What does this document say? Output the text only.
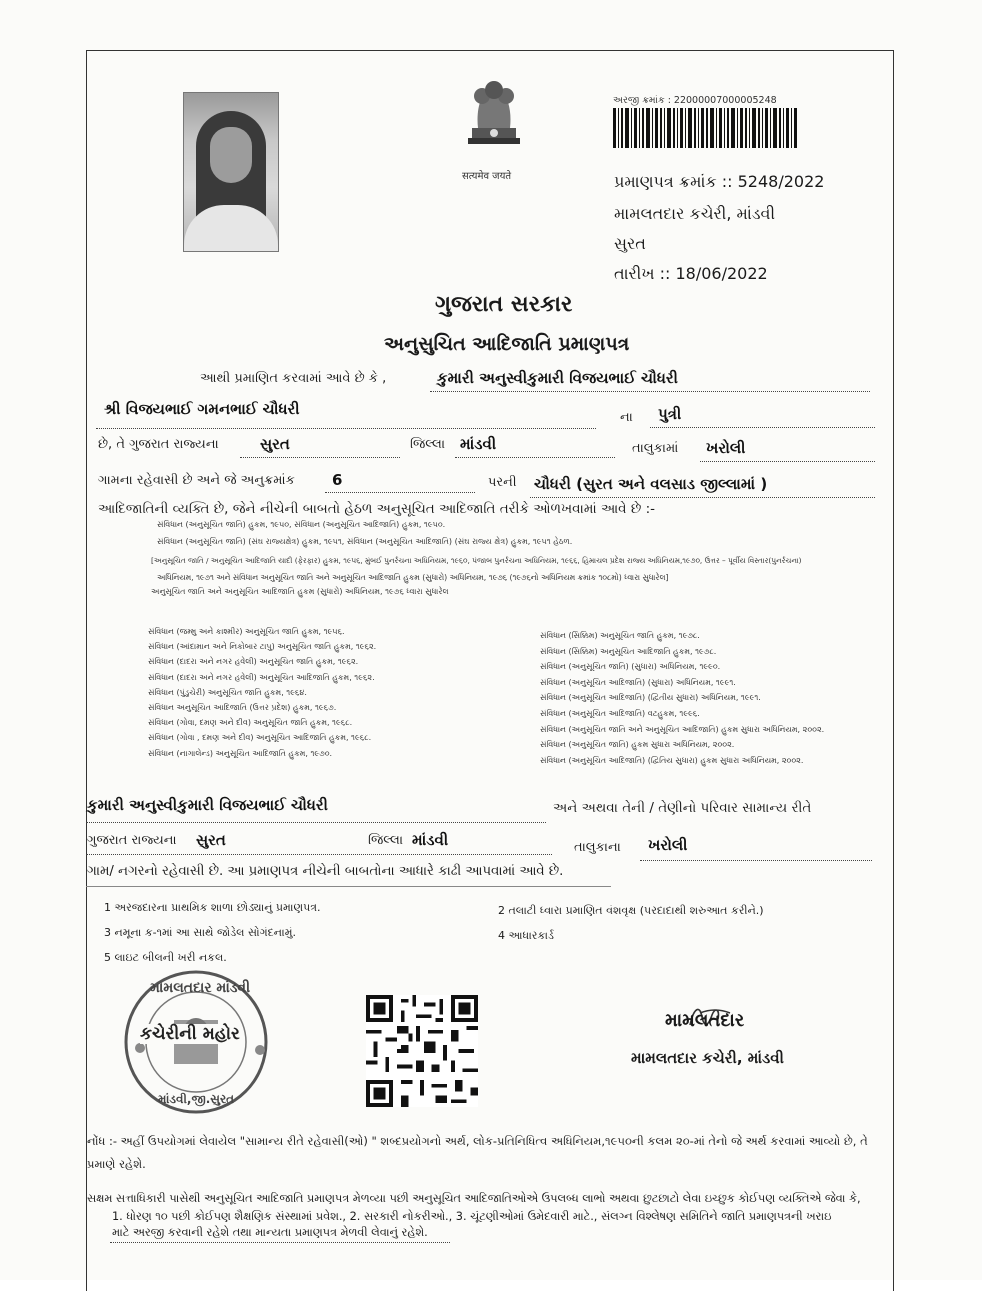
सत्यमेव जयते
અરજી ક્રમાંક : 22000007000005248
પ્રમાણપત્ર ક્રમાંક :: 5248/2022
મામલતદાર કચેરી, માંડવી
સુરત
તારીખ :: 18/06/2022
ગુજરાત સરકાર
અનુસુચિત આદિજાતિ પ્રમાણપત્ર
આથી પ્રમાણિત કરવામાં આવે છે કે ,	કુમારી અનુસ્વીકુમારી વિજયભાઈ ચૌધરી
શ્રી વિજયભાઈ ગમનભાઈ ચૌધરી	ના પુત્રી
છે, તે ગુજરાત રાજ્યના	સુરત	જિલ્લા માંડવી	તાલુકામાં ખરોલી
ગામના રહેવાસી છે અને જે અનુક્રમાંક 6	પરની ચૌધરી (સુરત અને વલસાડ જીલ્લામાં )
આદિજાતિની વ્યક્તિ છે, જેને નીચેની બાબતો હેઠળ અનુસૂચિત આદિજાતિ તરીકે ઓળખવામાં આવે છે :-
સંવિધાન (અનુસૂચિત જાતિ) હુકમ, ૧૯૫૦, સંવિધાન (અનુસૂચિત આદિજાતિ) હુકમ, ૧૯૫૦.
સંવિધાન (અનુસૂચિત જાતિ) (સંઘ રાજ્યક્ષેત્ર) હુકમ, ૧૯૫૧, સંવિધાન (અનુસૂચિત આદિજાતિ) (સંઘ રાજ્ય ક્ષેત્ર) હુકમ, ૧૯૫૧ હેઠળ.
[અનુસૂચિત જાતિ / અનુસૂચિત આદિજાતિ યાદી (ફેરફાર) હુકમ, ૧૯૫૬, મુંબઈ પુનર્રચના અધિનિયમ, ૧૯૬૦, પંજાબ પુનર્રચના અધિનિયમ, ૧૯૬૬, હિમાચલ પ્રદેશ રાજ્ય અધિનિયમ,૧૯૭૦, ઉત્તર – પૂર્વીય વિસ્તાર(પુનર્રચના)
અધિનિયમ, ૧૯૭૧ અને સંવિધાન અનુસૂચિત જાતિ અને અનુસૂચિત આદિજાતિ હુકમ (સુધારો) અધિનિયમ, ૧૯૭૬ (૧૯૭૬નો અધિનિયમ ક્રમાંક ૧૦૮મો) ધ્વારા સુધારેલ]
અનુસૂચિત જાતિ અને અનુસૂચિત આદિજાતિ હુકમ (સુધારો) અધિનિયમ, ૧૯૭૬ ધ્વારા સુધારેલ
સંવિધાન (જમ્મુ અને કાશ્મીર) અનુસૂચિત જાતિ હુકમ, ૧૯૫૬.
સંવિધાન (આંદામાન અને નિકોબાર ટાપુ) અનુસૂચિત જાતિ હુકમ, ૧૯૬૨.
સંવિધાન (દાદરા અને નગર હવેલી) અનુસૂચિત જાતિ હુકમ, ૧૯૬૨.
સંવિધાન (દાદરા અને નગર હવેલી) અનુસૂચિત આદિજાતિ હુકમ, ૧૯૬૨.
સંવિધાન (પુંડુચેરી) અનુસૂચિત જાતિ હુકમ, ૧૯૬૪.
સંવિધાન અનુસૂચિત આદિજાતિ (ઉત્તર પ્રદેશ) હુકમ, ૧૯૬૭.
સંવિધાન (ગોવા, દમણ અને દીવ) અનુસૂચિત જાતિ હુકમ, ૧૯૬૮.
સંવિધાન (ગોવા , દમણ અને દીવ) અનુસૂચિત આદિજાતિ હુકમ, ૧૯૬૮.
સંવિધાન (નાગાલેન્ડ) અનુસૂચિત આદિજાતિ હુકમ, ૧૯૭૦.
સંવિધાન (સિક્કિમ) અનુસૂચિત જાતિ હુકમ, ૧૯૭૮.
સંવિધાન (સિક્કિમ) અનુસૂચિત આદિજાતિ હુકમ, ૧૯૭૮.
સંવિધાન (અનુસૂચિત જાતિ) (સુધારા) અધિનિયમ, ૧૯૯૦.
સંવિધાન (અનુસૂચિત આદિજાતિ) (સુધારા) અધિનિયમ, ૧૯૯૧.
સંવિધાન (અનુસૂચિત આદિજાતિ) (દ્વિતીય સુધારા) અધિનિયમ, ૧૯૯૧.
સંવિધાન (અનુસૂચિત આદિજાતિ) વટહુકમ, ૧૯૯૬.
સંવિધાન (અનુસૂચિત જાતિ અને અનુસૂચિત આદિજાતિ) હુકમ સુધારા અધિનિયમ, ૨૦૦૨.
સંવિધાન (અનુસૂચિત જાતિ) હુકમ સુધારા અધિનિયમ, ૨૦૦૨.
સંવિધાન (અનુસૂચિત આદિજાતિ) (દ્વિતિય સુધારા) હુકમ સુધારા અધિનિયમ, ૨૦૦૨.
કુમારી અનુસ્વીકુમારી વિજયભાઈ ચૌધરી	અને અથવા તેની / તેણીનો પરિવાર સામાન્ય રીતે
ગુજરાત રાજ્યના સુરત	જિલ્લા માંડવી	તાલુકાના ખરોલી
ગામ/ નગરનો રહેવાસી છે. આ પ્રમાણપત્ર નીચેની બાબતોના આધારે કાઢી આપવામાં આવે છે.
1 અરજદારના પ્રાથમિક શાળા છોડ્યાનું પ્રમાણપત્ર.	2 તલાટી ધ્વારા પ્રમાણિત વંશવૃક્ષ (પરદાદાથી શરુઆત કરીને.)
3 નમૂના ક-૧માં આ સાથે જોડેલ સોગંદનામું.	4 આધારકાર્ડ
5 લાઇટ બીલની ખરી નકલ.
મામલતદાર માંડવી
કચેરીની મહોર
માંડવી,જી.સુરત
મામલતદાર
મામલતદાર કચેરી, માંડવી
નોંધ :- અહીં ઉપયોગમાં લેવાયેલ "સામાન્ય રીતે રહેવાસી(ઓ) " શબ્દપ્રયોગનો અર્થ, લોક-પ્રતિનિધિત્વ અધિનિયમ,૧૯૫૦ની કલમ ૨૦-માં તેનો જે અર્થ કરવામાં આવ્યો છે, તે
પ્રમાણે રહેશે.
સક્ષમ સત્તાધિકારી પાસેથી અનુસૂચિત આદિજાતિ પ્રમાણપત્ર મેળવ્યા પછી અનુસૂચિત આદિજાતિઓએ ઉપલબ્ધ લાભો અથવા છુટછાટો લેવા ઇચ્છુક કોઈપણ વ્યક્તિએ જેવા કે,
1. ધોરણ ૧૦ પછી કોઈપણ શૈક્ષણિક સંસ્થામાં પ્રવેશ., 2. સરકારી નોકરીઓ., 3. ચૂંટણીઓમાં ઉમેદવારી માટે., સંલગ્ન વિશ્લેષણ સમિતિને જાતિ પ્રમાણપત્રની ખરાઇ
માટે અરજી કરવાની રહેશે તથા માન્યતા પ્રમાણપત્ર મેળવી લેવાનું રહેશે.
